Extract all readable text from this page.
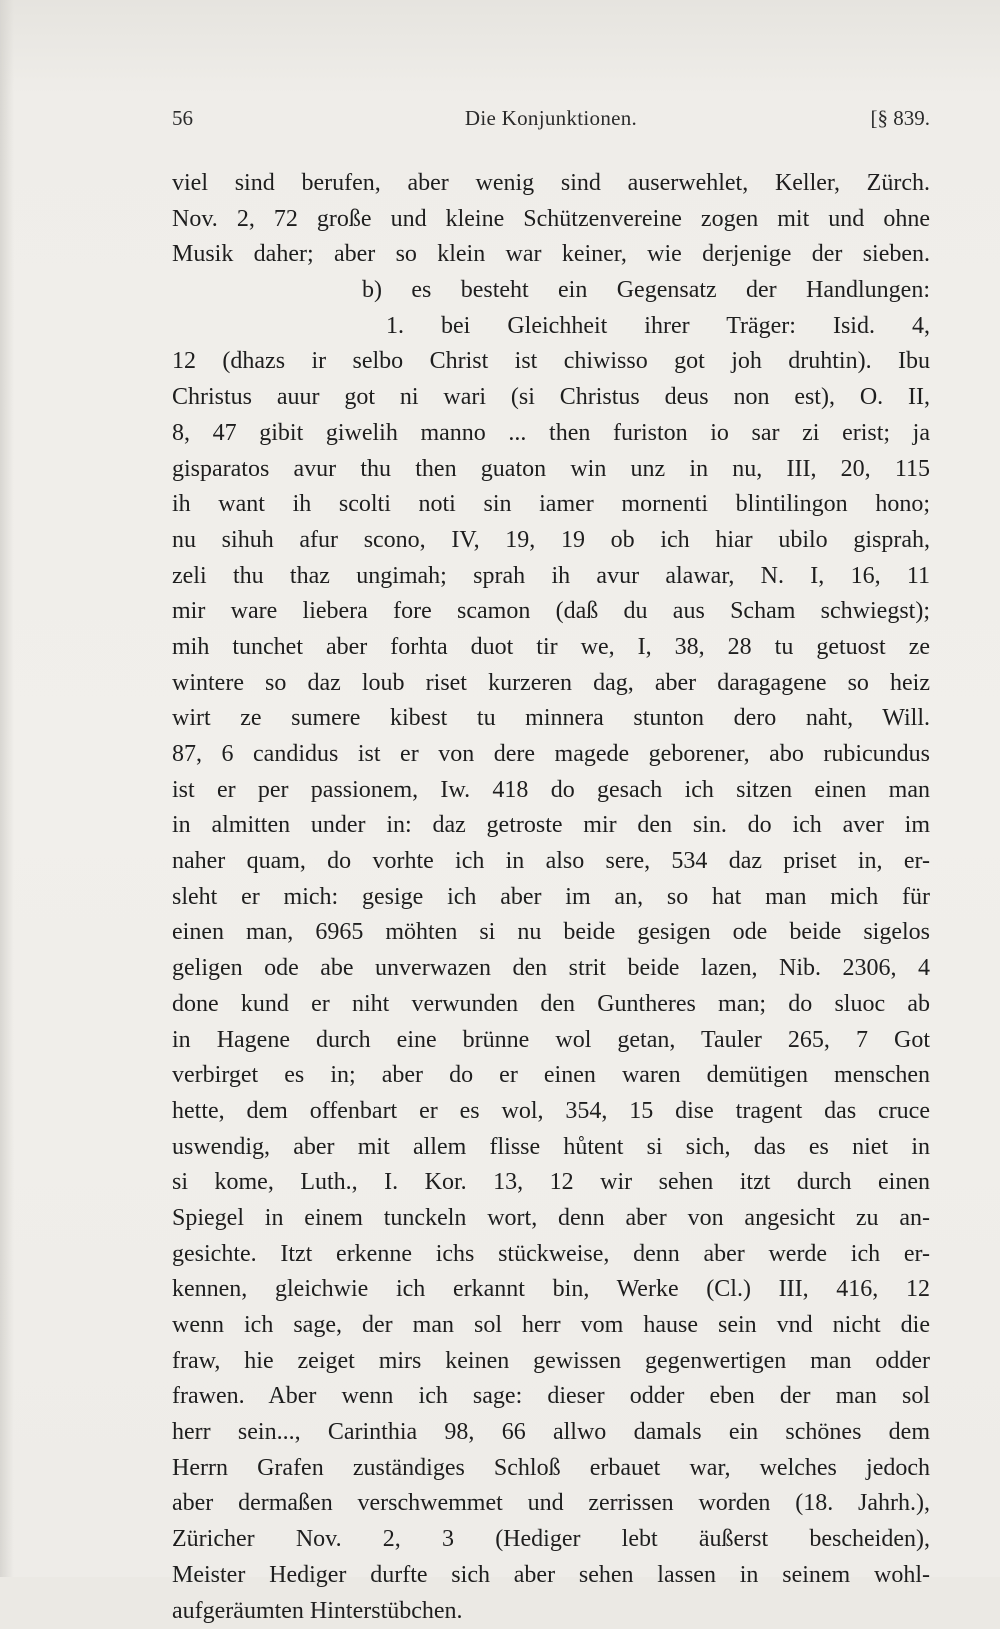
56	Die Konjunktionen.	[§ 839.
viel sind berufen, aber wenig sind auserwehlet, Keller, Zürch.
Nov. 2, 72 große und kleine Schützenvereine zogen mit und ohne
Musik daher; aber so klein war keiner, wie derjenige der sieben.
b) es besteht ein Gegensatz der Handlungen:
1. bei Gleichheit ihrer Träger: Isid. 4,
12 (dhazs ir selbo Christ ist chiwisso got joh druhtin). Ibu
Christus auur got ni wari (si Christus deus non est), O. II,
8, 47 gibit giwelih manno ... then furiston io sar zi erist; ja
gisparatos avur thu then guaton win unz in nu, III, 20, 115
ih want ih scolti noti sin iamer mornenti blintilingon hono;
nu sihuh afur scono, IV, 19, 19 ob ich hiar ubilo gisprah,
zeli thu thaz ungimah; sprah ih avur alawar, N. I, 16, 11
mir ware liebera fore scamon (daß du aus Scham schwiegst);
mih tunchet aber forhta duot tir we, I, 38, 28 tu getuost ze
wintere so daz loub riset kurzeren dag, aber daragagene so heiz
wirt ze sumere kibest tu minnera stunton dero naht, Will.
87, 6 candidus ist er von dere magede geborener, abo rubicundus
ist er per passionem, Iw. 418 do gesach ich sitzen einen man
in almitten under in: daz getroste mir den sin. do ich aver im
naher quam, do vorhte ich in also sere, 534 daz priset in, er-
sleht er mich: gesige ich aber im an, so hat man mich für
einen man, 6965 möhten si nu beide gesigen ode beide sigelos
geligen ode abe unverwazen den strit beide lazen, Nib. 2306, 4
done kund er niht verwunden den Guntheres man; do sluoc ab
in Hagene durch eine brünne wol getan, Tauler 265, 7 Got
verbirget es in; aber do er einen waren demütigen menschen
hette, dem offenbart er es wol, 354, 15 dise tragent das cruce
uswendig, aber mit allem flisse hůtent si sich, das es niet in
si kome, Luth., I. Kor. 13, 12 wir sehen itzt durch einen
Spiegel in einem tunckeln wort, denn aber von angesicht zu an-
gesichte. Itzt erkenne ichs stückweise, denn aber werde ich er-
kennen, gleichwie ich erkannt bin, Werke (Cl.) III, 416, 12
wenn ich sage, der man sol herr vom hause sein vnd nicht die
fraw, hie zeiget mirs keinen gewissen gegenwertigen man odder
frawen. Aber wenn ich sage: dieser odder eben der man sol
herr sein..., Carinthia 98, 66 allwo damals ein schönes dem
Herrn Grafen zuständiges Schloß erbauet war, welches jedoch
aber dermaßen verschwemmet und zerrissen worden (18. Jahrh.),
Züricher Nov. 2, 3 (Hediger lebt äußerst bescheiden),
Meister Hediger durfte sich aber sehen lassen in seinem wohl-
aufgeräumten Hinterstübchen.
